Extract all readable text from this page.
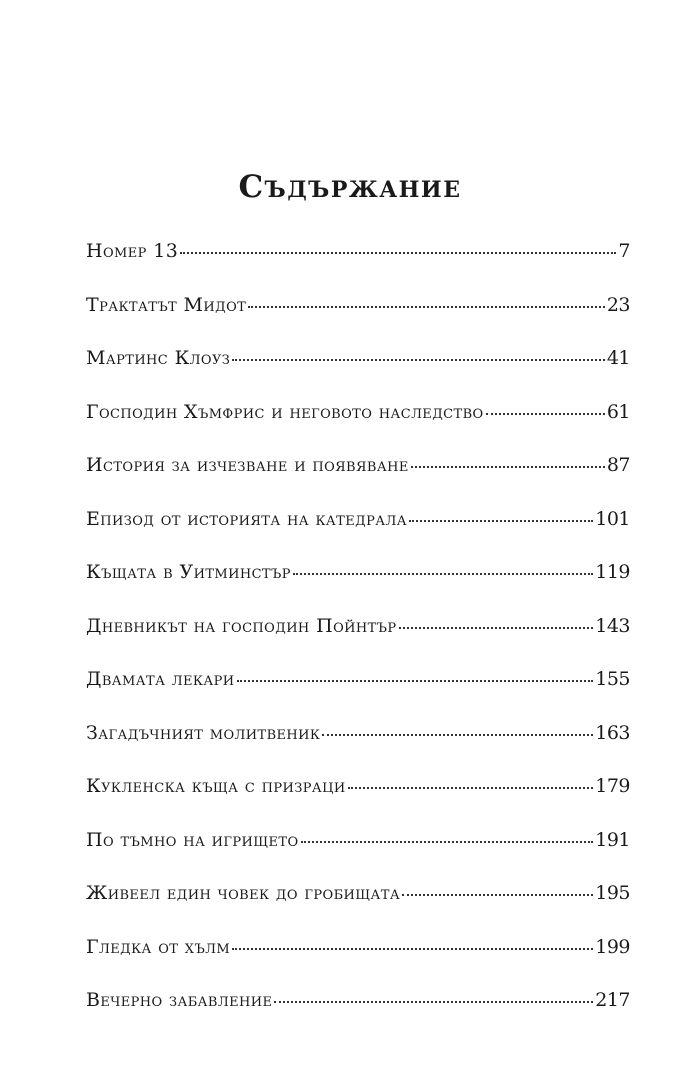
Съдържание
Номер 13	7
Трактатът Мидот	23
Мартинс Клоуз	41
Господин Хъмфрис и неговото наследство	61
История за изчезване и появяване	87
Епизод от историята на катедрала	101
Къщата в Уитминстър	119
Дневникът на господин Пойнтър	143
Двамата лекари	155
Загадъчният молитвеник	163
Кукленска къща с призраци	179
По тъмно на игрището	191
Живеел един човек до гробищата	195
Гледка от хълм	199
Вечерно забавление	217
